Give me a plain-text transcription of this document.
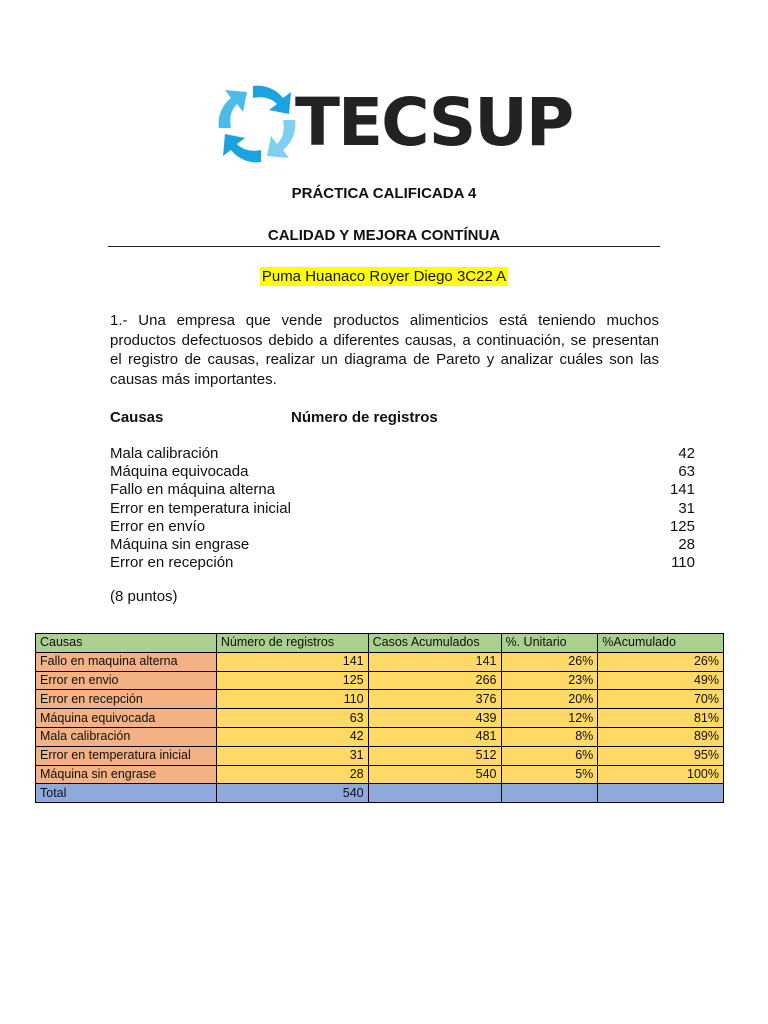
TECSUP
PRÁCTICA CALIFICADA 4
CALIDAD Y MEJORA CONTÍNUA
Puma Huanaco Royer Diego 3C22 A
1.- Una empresa que vende productos alimenticios está teniendo muchos productos defectuosos debido a diferentes causas, a continuación, se presentan el registro de causas, realizar un diagrama de Pareto y analizar cuáles son las causas más importantes.
Causas	Número de registros
Mala calibración	42
Máquina equivocada	63
Fallo en máquina alterna	141
Error en temperatura inicial	31
Error en envío	125
Máquina sin engrase	28
Error en recepción	110
(8 puntos)
Causas	Número de registros	Casos Acumulados	%. Unitario	%Acumulado
Fallo en maquina alterna	141	141	26%	26%
Error en envio	125	266	23%	49%
Error en recepción	110	376	20%	70%
Máquina equivocada	63	439	12%	81%
Mala calibración	42	481	8%	89%
Error en temperatura inicial	31	512	6%	95%
Máquina sin engrase	28	540	5%	100%
Total	540			
